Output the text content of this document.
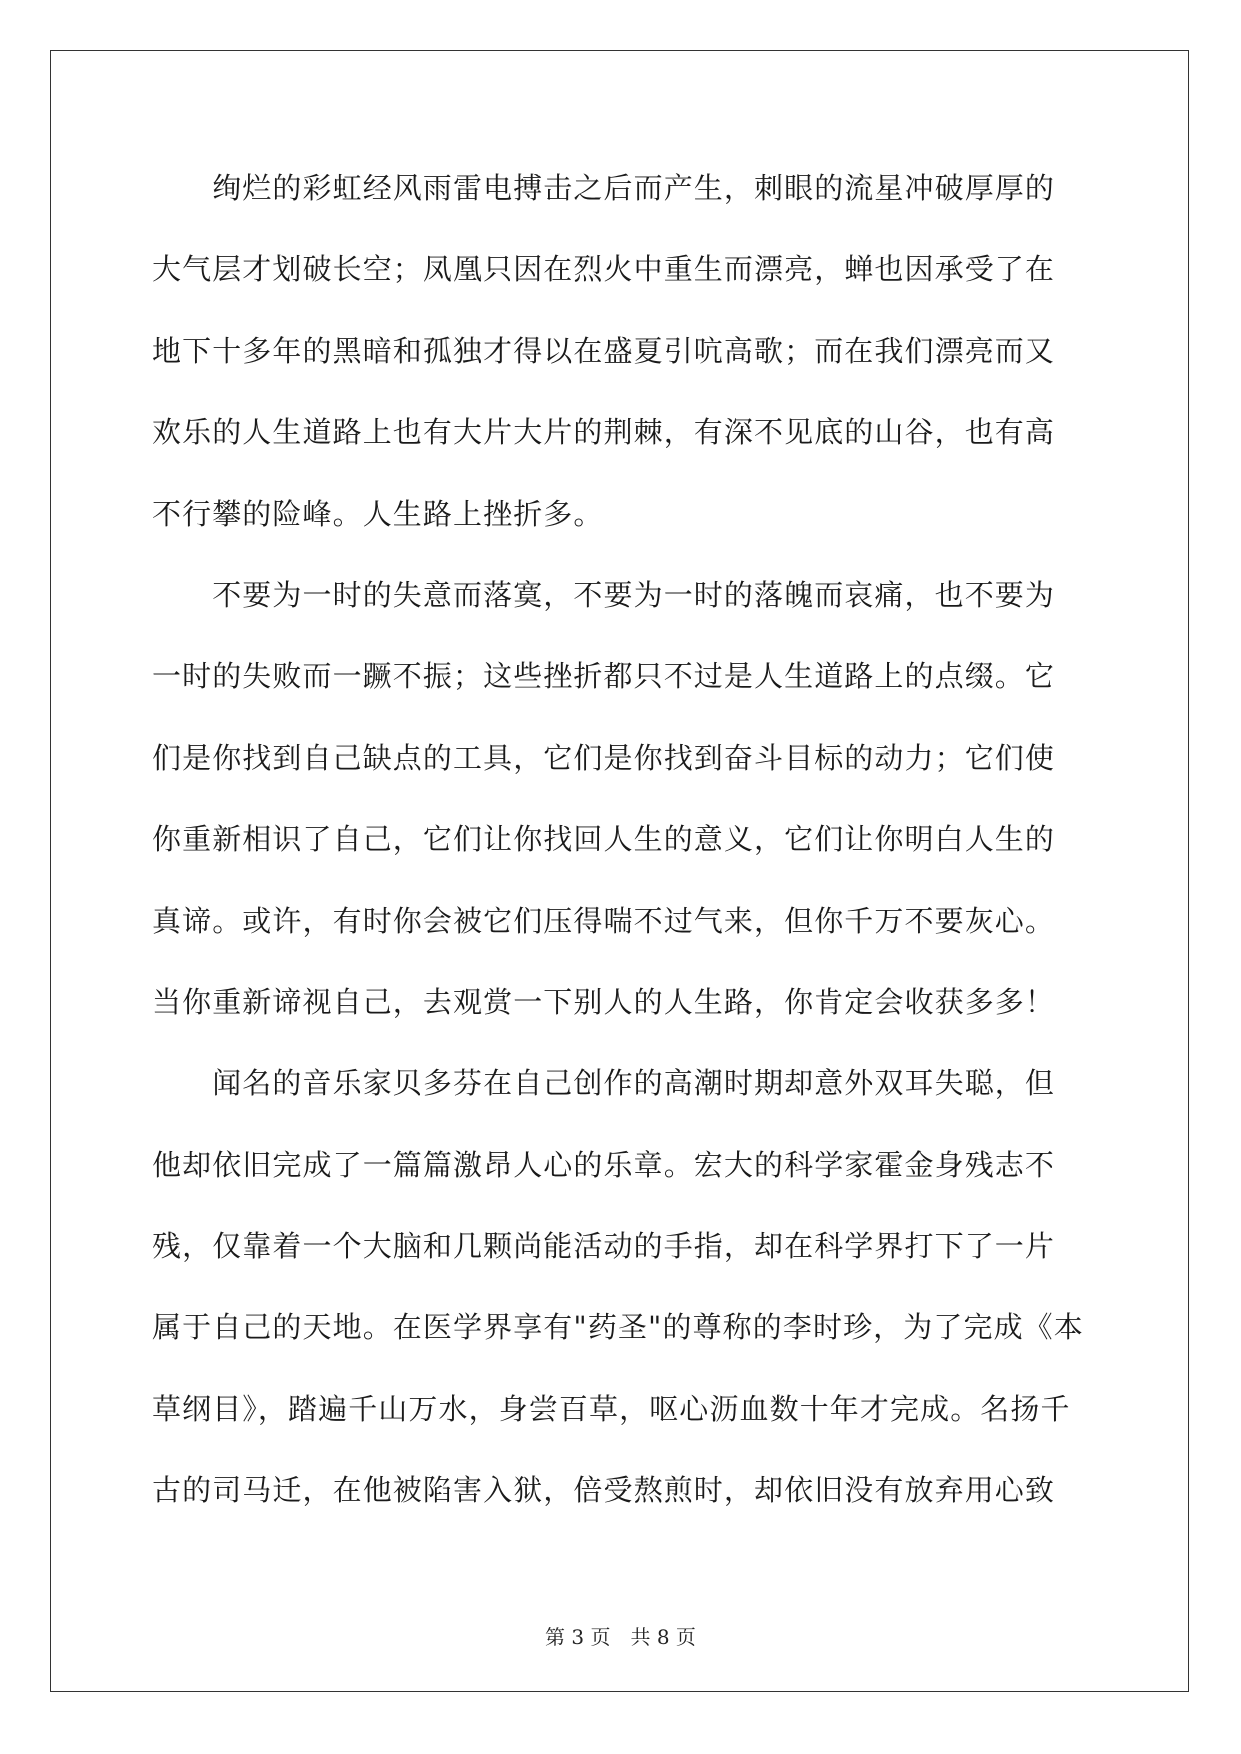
　　绚烂的彩虹经风雨雷电搏击之后而产生，刺眼的流星冲破厚厚的
大气层才划破长空；凤凰只因在烈火中重生而漂亮，蝉也因承受了在
地下十多年的黑暗和孤独才得以在盛夏引吭高歌；而在我们漂亮而又
欢乐的人生道路上也有大片大片的荆棘，有深不见底的山谷，也有高
不行攀的险峰。人生路上挫折多。
　　不要为一时的失意而落寞，不要为一时的落魄而哀痛，也不要为
一时的失败而一蹶不振；这些挫折都只不过是人生道路上的点缀。它
们是你找到自己缺点的工具，它们是你找到奋斗目标的动力；它们使
你重新相识了自己，它们让你找回人生的意义，它们让你明白人生的
真谛。或许，有时你会被它们压得喘不过气来，但你千万不要灰心。
当你重新谛视自己，去观赏一下别人的人生路，你肯定会收获多多！
　　闻名的音乐家贝多芬在自己创作的高潮时期却意外双耳失聪，但
他却依旧完成了一篇篇激昂人心的乐章。宏大的科学家霍金身残志不
残，仅靠着一个大脑和几颗尚能活动的手指，却在科学界打下了一片
属于自己的天地。在医学界享有"药圣"的尊称的李时珍，为了完成《本
草纲目》，踏遍千山万水，身尝百草，呕心沥血数十年才完成。名扬千
古的司马迁，在他被陷害入狱，倍受熬煎时，却依旧没有放弃用心致
第 3 页　共 8 页
